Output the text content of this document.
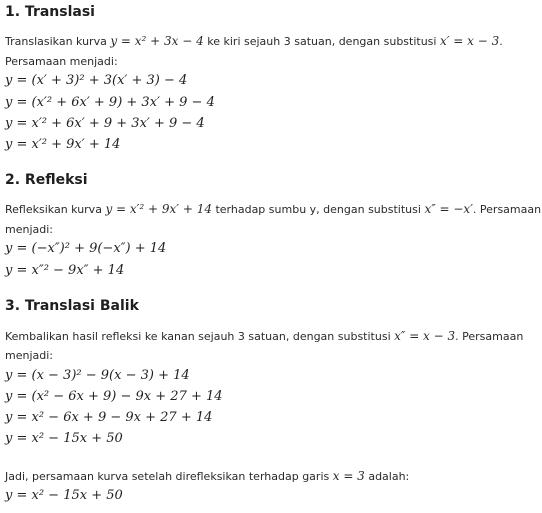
1. Translasi
Translasikan kurva y = x² + 3x − 4 ke kiri sejauh 3 satuan, dengan substitusi x′ = x − 3.
Persamaan menjadi:
y = (x′ + 3)² + 3(x′ + 3) − 4
y = (x′² + 6x′ + 9) + 3x′ + 9 − 4
y = x′² + 6x′ + 9 + 3x′ + 9 − 4
y = x′² + 9x′ + 14
2. Refleksi
Refleksikan kurva y = x′² + 9x′ + 14 terhadap sumbu y, dengan substitusi x″ = −x′. Persamaan
menjadi:
y = (−x″)² + 9(−x″) + 14
y = x″² − 9x″ + 14
3. Translasi Balik
Kembalikan hasil refleksi ke kanan sejauh 3 satuan, dengan substitusi x″ = x − 3. Persamaan
menjadi:
y = (x − 3)² − 9(x − 3) + 14
y = (x² − 6x + 9) − 9x + 27 + 14
y = x² − 6x + 9 − 9x + 27 + 14
y = x² − 15x + 50
Jadi, persamaan kurva setelah direfleksikan terhadap garis x = 3 adalah:
y = x² − 15x + 50
